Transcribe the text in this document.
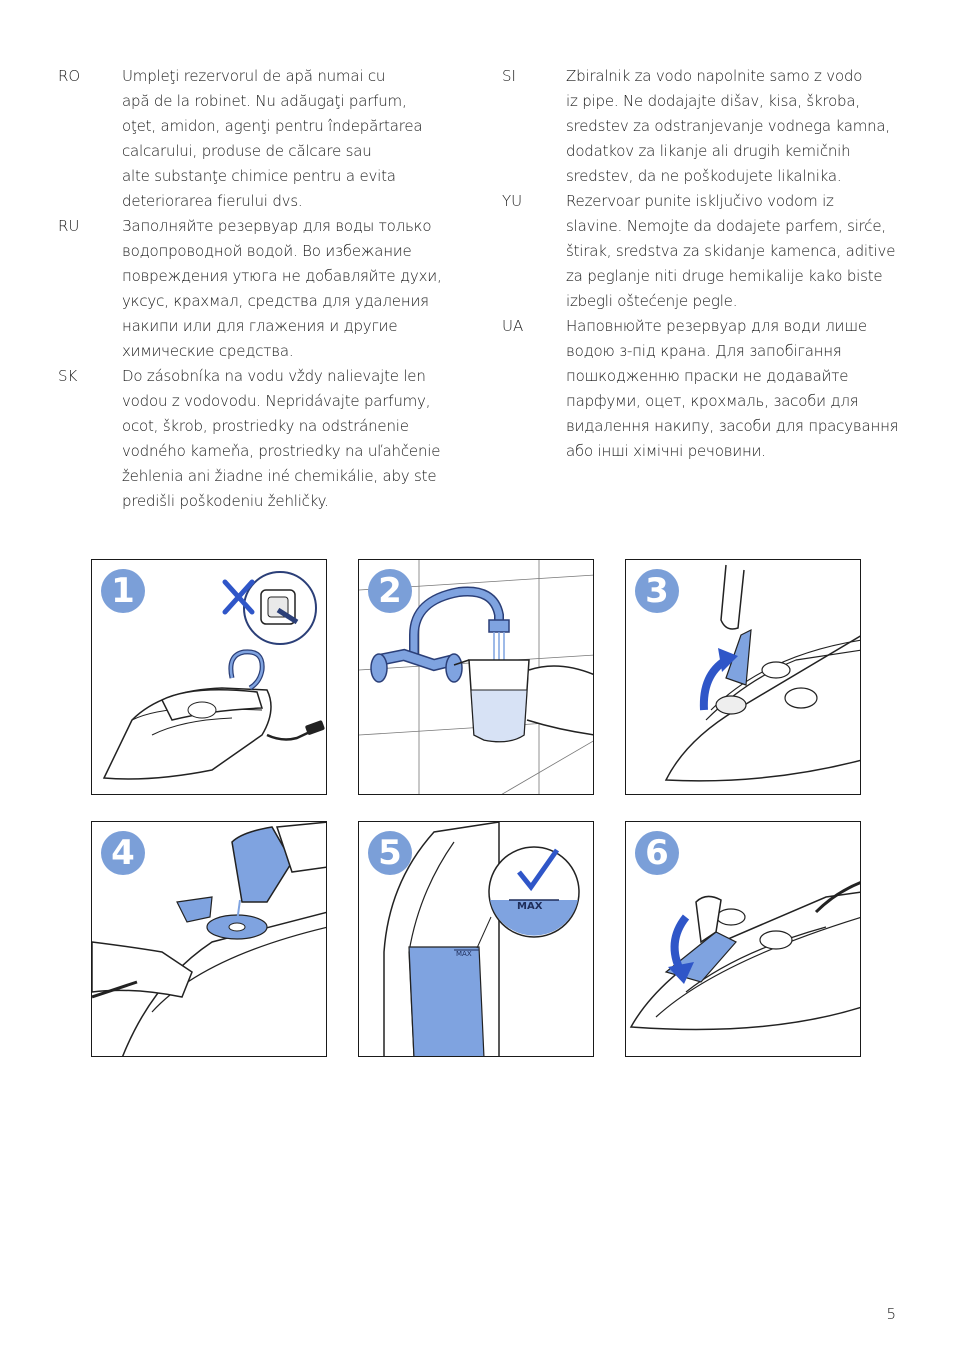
RO	Umpleţi rezervorul de apă numai cu
apă de la robinet. Nu adăugaţi parfum,
oţet, amidon, agenţi pentru îndepărtarea
calcarului, produse de călcare sau
alte substanţe chimice pentru a evita
deteriorarea fierului dvs.
RU	Заполняйте резервуар для воды только
водопроводной водой. Во избежание
повреждения утюга не добавляйте духи,
уксус, крахмал, средства для удаления
накипи или для глажения и другие
химические средства.
SK	Do zásobníka na vodu vždy nalievajte len
vodou z vodovodu. Nepridávajte parfumy,
ocot, škrob, prostriedky na odstránenie
vodného kameňa, prostriedky na uľahčenie
žehlenia ani žiadne iné chemikálie, aby ste
predišli poškodeniu žehličky.
SI	Zbiralnik za vodo napolnite samo z vodo
iz pipe. Ne dodajajte dišav, kisa, škroba,
sredstev za odstranjevanje vodnega kamna,
dodatkov za likanje ali drugih kemičnih
sredstev, da ne poškodujete likalnika.
YU	Rezervoar punite isključivo vodom iz
slavine. Nemojte da dodajete parfem, sirće,
štirak, sredstva za skidanje kamenca, aditive
za peglanje niti druge hemikalije kako biste
izbegli oštećenje pegle.
UA	Наповнюйте резервуар для води лише
водою з-під крана. Для запобігання
пошкодженню праски не додавайте
парфуми, оцет, крохмаль, засоби для
видалення накипу, засоби для прасування
або інші хімічні речовини.
1	2	3
4
MAX
MAX
5	6
5
